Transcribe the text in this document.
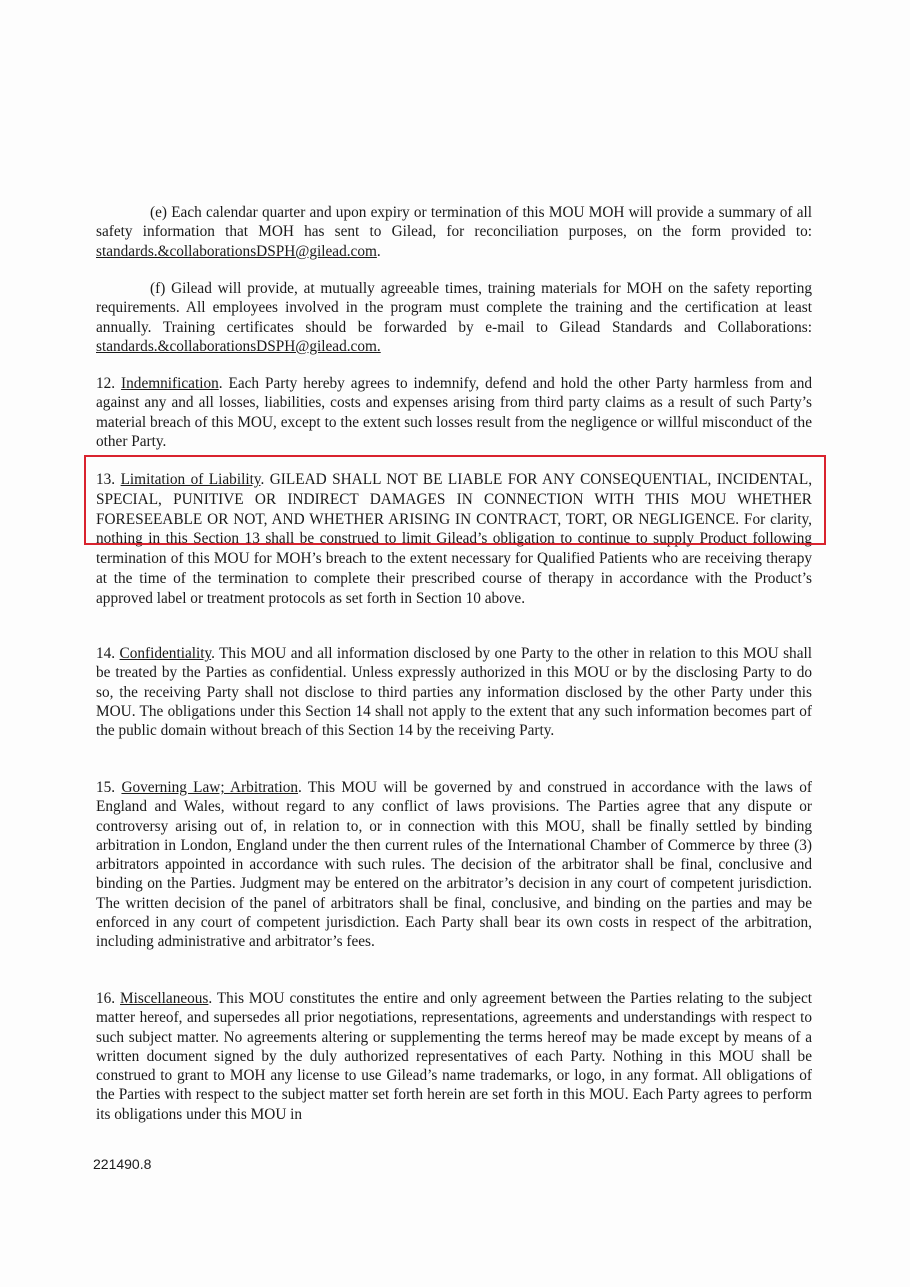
(e) Each calendar quarter and upon expiry or termination of this MOU MOH will provide a summary of all safety information that MOH has sent to Gilead, for reconciliation purposes, on the form provided to: standards.&collaborationsDSPH@gilead.com.

(f) Gilead will provide, at mutually agreeable times, training materials for MOH on the safety reporting requirements. All employees involved in the program must complete the training and the certification at least annually. Training certificates should be forwarded by e-mail to Gilead Standards and Collaborations: standards.&collaborationsDSPH@gilead.com.

12. Indemnification. Each Party hereby agrees to indemnify, defend and hold the other Party harmless from and against any and all losses, liabilities, costs and expenses arising from third party claims as a result of such Party’s material breach of this MOU, except to the extent such losses result from the negligence or willful misconduct of the other Party.

13. Limitation of Liability. GILEAD SHALL NOT BE LIABLE FOR ANY CONSEQUENTIAL, INCIDENTAL, SPECIAL, PUNITIVE OR INDIRECT DAMAGES IN CONNECTION WITH THIS MOU WHETHER FORESEEABLE OR NOT, AND WHETHER ARISING IN CONTRACT, TORT, OR NEGLIGENCE. For clarity, nothing in this Section 13 shall be construed to limit Gilead’s obligation to continue to supply Product following termination of this MOU for MOH’s breach to the extent necessary for Qualified Patients who are receiving therapy at the time of the termination to complete their prescribed course of therapy in accordance with the Product’s approved label or treatment protocols as set forth in Section 10 above.

14. Confidentiality. This MOU and all information disclosed by one Party to the other in relation to this MOU shall be treated by the Parties as confidential. Unless expressly authorized in this MOU or by the disclosing Party to do so, the receiving Party shall not disclose to third parties any information disclosed by the other Party under this MOU. The obligations under this Section 14 shall not apply to the extent that any such information becomes part of the public domain without breach of this Section 14 by the receiving Party.

15. Governing Law; Arbitration. This MOU will be governed by and construed in accordance with the laws of England and Wales, without regard to any conflict of laws provisions. The Parties agree that any dispute or controversy arising out of, in relation to, or in connection with this MOU, shall be finally settled by binding arbitration in London, England under the then current rules of the International Chamber of Commerce by three (3) arbitrators appointed in accordance with such rules. The decision of the arbitrator shall be final, conclusive and binding on the Parties. Judgment may be entered on the arbitrator’s decision in any court of competent jurisdiction. The written decision of the panel of arbitrators shall be final, conclusive, and binding on the parties and may be enforced in any court of competent jurisdiction. Each Party shall bear its own costs in respect of the arbitration, including administrative and arbitrator’s fees.

16. Miscellaneous. This MOU constitutes the entire and only agreement between the Parties relating to the subject matter hereof, and supersedes all prior negotiations, representations, agreements and understandings with respect to such subject matter. No agreements altering or supplementing the terms hereof may be made except by means of a written document signed by the duly authorized representatives of each Party. Nothing in this MOU shall be construed to grant to MOH any license to use Gilead’s name trademarks, or logo, in any format. All obligations of the Parties with respect to the subject matter set forth herein are set forth in this MOU. Each Party agrees to perform its obligations under this MOU in

221490.8
